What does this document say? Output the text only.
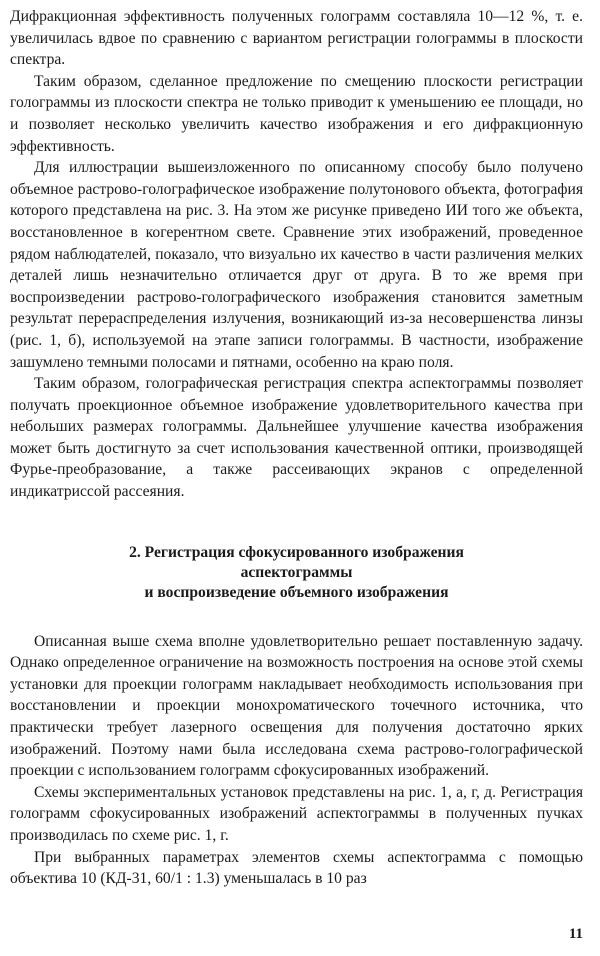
Дифракционная эффективность полученных голограмм составляла 10—12 %, т. е. увеличилась вдвое по сравнению с вариантом регистрации голограммы в плоскости спектра.

Таким образом, сделанное предложение по смещению плоскости регистрации голограммы из плоскости спектра не только приводит к уменьшению ее площади, но и позволяет несколько увеличить качество изображения и его дифракционную эффективность.

Для иллюстрации вышеизложенного по описанному способу было получено объемное растрово-голографическое изображение полутонового объекта, фотография которого представлена на рис. 3. На этом же рисунке приведено ИИ того же объекта, восстановленное в когерентном свете. Сравнение этих изображений, проведенное рядом наблюдателей, показало, что визуально их качество в части различения мелких деталей лишь незначительно отличается друг от друга. В то же время при воспроизведении растрово-голографического изображения становится заметным результат перераспределения излучения, возникающий из-за несовершенства линзы (рис. 1, б), используемой на этапе записи голограммы. В частности, изображение зашумлено темными полосами и пятнами, особенно на краю поля.

Таким образом, голографическая регистрация спектра аспектограммы позволяет получать проекционное объемное изображение удовлетворительного качества при небольших размерах голограммы. Дальнейшее улучшение качества изображения может быть достигнуто за счет использования качественной оптики, производящей Фурье-преобразование, а также рассеивающих экранов с определенной индикатриссой рассеяния.

2. Регистрация сфокусированного изображения
аспектограммы
и воспроизведение объемного изображения

Описанная выше схема вполне удовлетворительно решает поставленную задачу. Однако определенное ограничение на возможность построения на основе этой схемы установки для проекции голограмм накладывает необходимость использования при восстановлении и проекции монохроматического точечного источника, что практически требует лазерного освещения для получения достаточно ярких изображений. Поэтому нами была исследована схема растрово-голографической проекции с использованием голограмм сфокусированных изображений.

Схемы экспериментальных установок представлены на рис. 1, а, г, д. Регистрация голограмм сфокусированных изображений аспектограммы в полученных пучках производилась по схеме рис. 1, г.

При выбранных параметрах элементов схемы аспектограмма с помощью объектива 10 (КД-31, 60/1 : 1.3) уменьшалась в 10 раз

11
